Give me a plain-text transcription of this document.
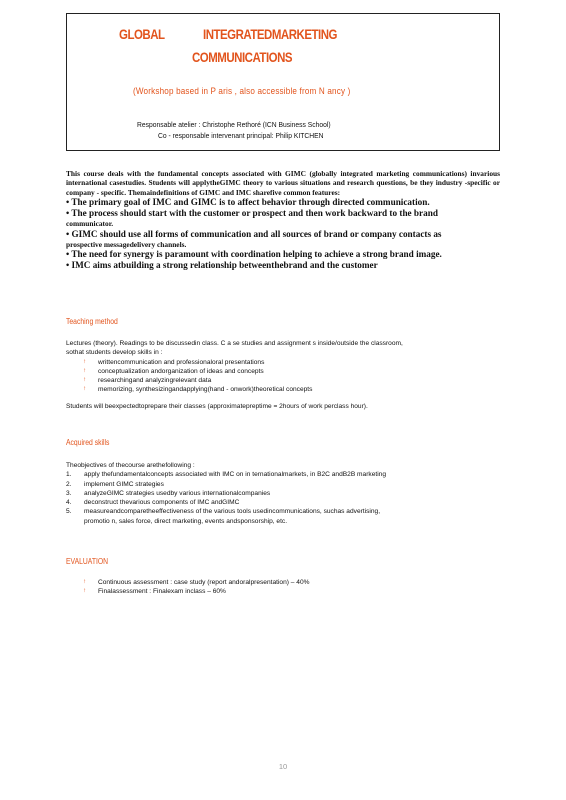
GLOBAL	INTEGRATEDMARKETING
COMMUNICATIONS
(Workshop based in P aris , also accessible from N ancy )
Responsable atelier : Christophe Rethoré (ICN Business School)
Co - responsable intervenant principal: Philip KITCHEN
This course deals with the fundamental concepts associated with GIMC (globally integrated marketing communications) invarious international casestudies. Students will applytheGIMC theory to various situations and research questions, be they industry -specific or company - specific. Themaindefinitions of GIMC and IMC sharefive common features:
• The primary goal of IMC and GIMC is to affect behavior through directed communication.
• The process should start with the customer or prospect and then work backward to the brand
communicator.
• GIMC should use all forms of communication and all sources of brand or company contacts as
prospective messagedelivery channels.
• The need for synergy is paramount with coordination helping to achieve a strong brand image.
• IMC aims atbuilding a strong relationship betweenthebrand and the customer
Teaching method
Lectures (theory). Readings to be discussedin class. C a se studies and assignment s inside/outside the classroom,
sothat students develop skills in :
↑ writtencommunication and professionaloral presentations
↑ conceptualization andorganization of ideas and concepts
↑ researchingand analyzingrelevant data
↑ memorizing, synthesizingandapplying(hand - onwork)theoretical concepts
Students will beexpectedtoprepare their classes (approximatepreptime = 2hours of work perclass hour).
Acquired skills
Theobjectives of thecourse arethefollowing :
1. apply thefundamentalconcepts associated with IMC on in ternationalmarkets, in B2C andB2B marketing
2. implement GIMC strategies
3. analyzeGIMC strategies usedby various internationalcompanies
4. deconstruct thevarious components of IMC andGIMC
5. measureandcomparetheeffectiveness of the various tools usedincommunications, suchas advertising,
promotio n, sales force, direct marketing, events andsponsorship, etc.
EVALUATION
↑ Continuous assessment : case study (report andoralpresentation) – 40%
↑ Finalassessment : Finalexam inclass – 60%
10
